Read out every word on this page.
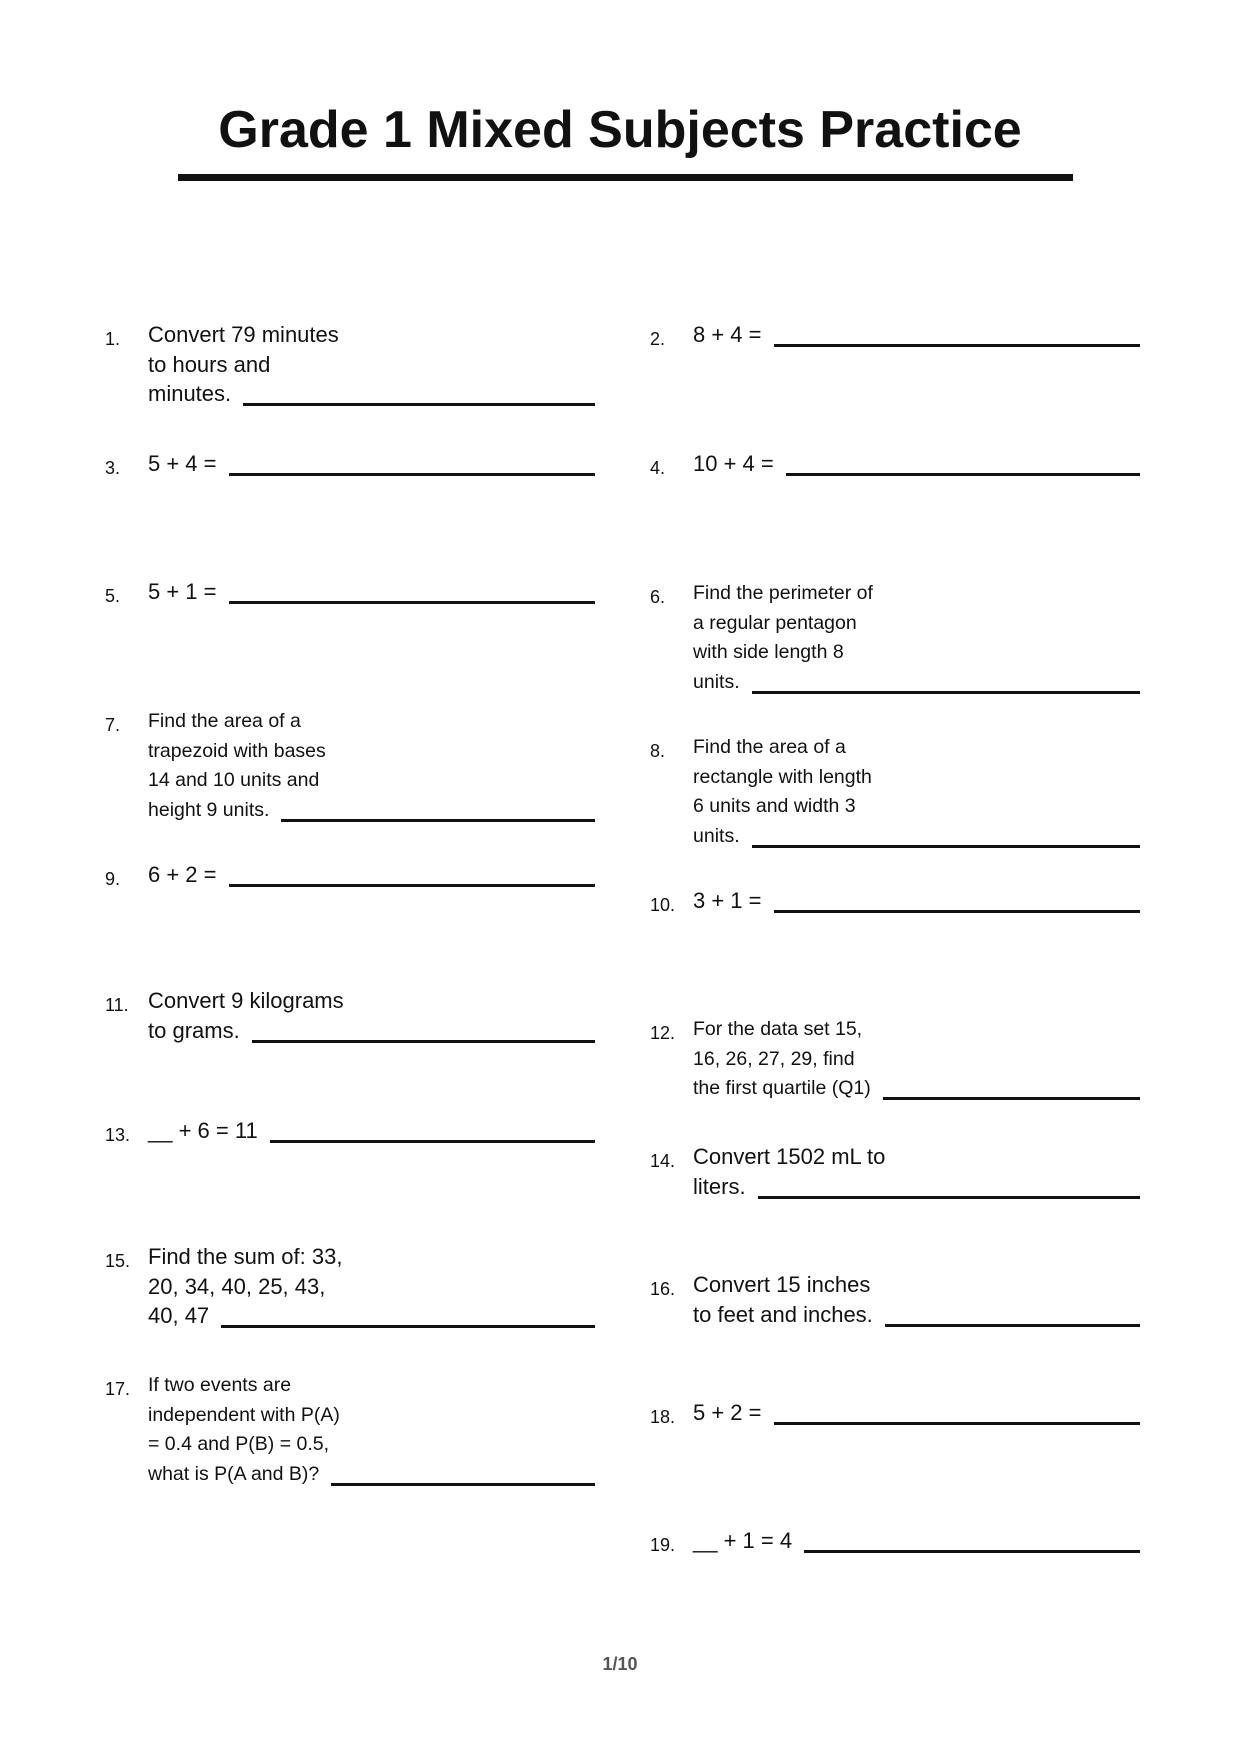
Grade 1 Mixed Subjects Practice
1. Convert 79 minutes
to hours and
minutes.
2. 8 + 4 =
3. 5 + 4 =	4. 10 + 4 =
5. 5 + 1 =	6. Find the perimeter of
a regular pentagon
with side length 8
units.
7. Find the area of a
trapezoid with bases
14 and 10 units and
height 9 units.
8. Find the area of a
rectangle with length
6 units and width 3
units.
9. 6 + 2 =
10. 3 + 1 =
11. Convert 9 kilograms
to grams.	12. For the data set 15,
16, 26, 27, 29, find
the first quartile (Q1)
13. __ + 6 = 11
14. Convert 1502 mL to
liters.
15. Find the sum of: 33,
20, 34, 40, 25, 43,
40, 47
16. Convert 15 inches
to feet and inches.
17. If two events are
independent with P(A)
= 0.4 and P(B) = 0.5,
what is P(A and B)?
18. 5 + 2 =
19. __ + 1 = 4
1/10
